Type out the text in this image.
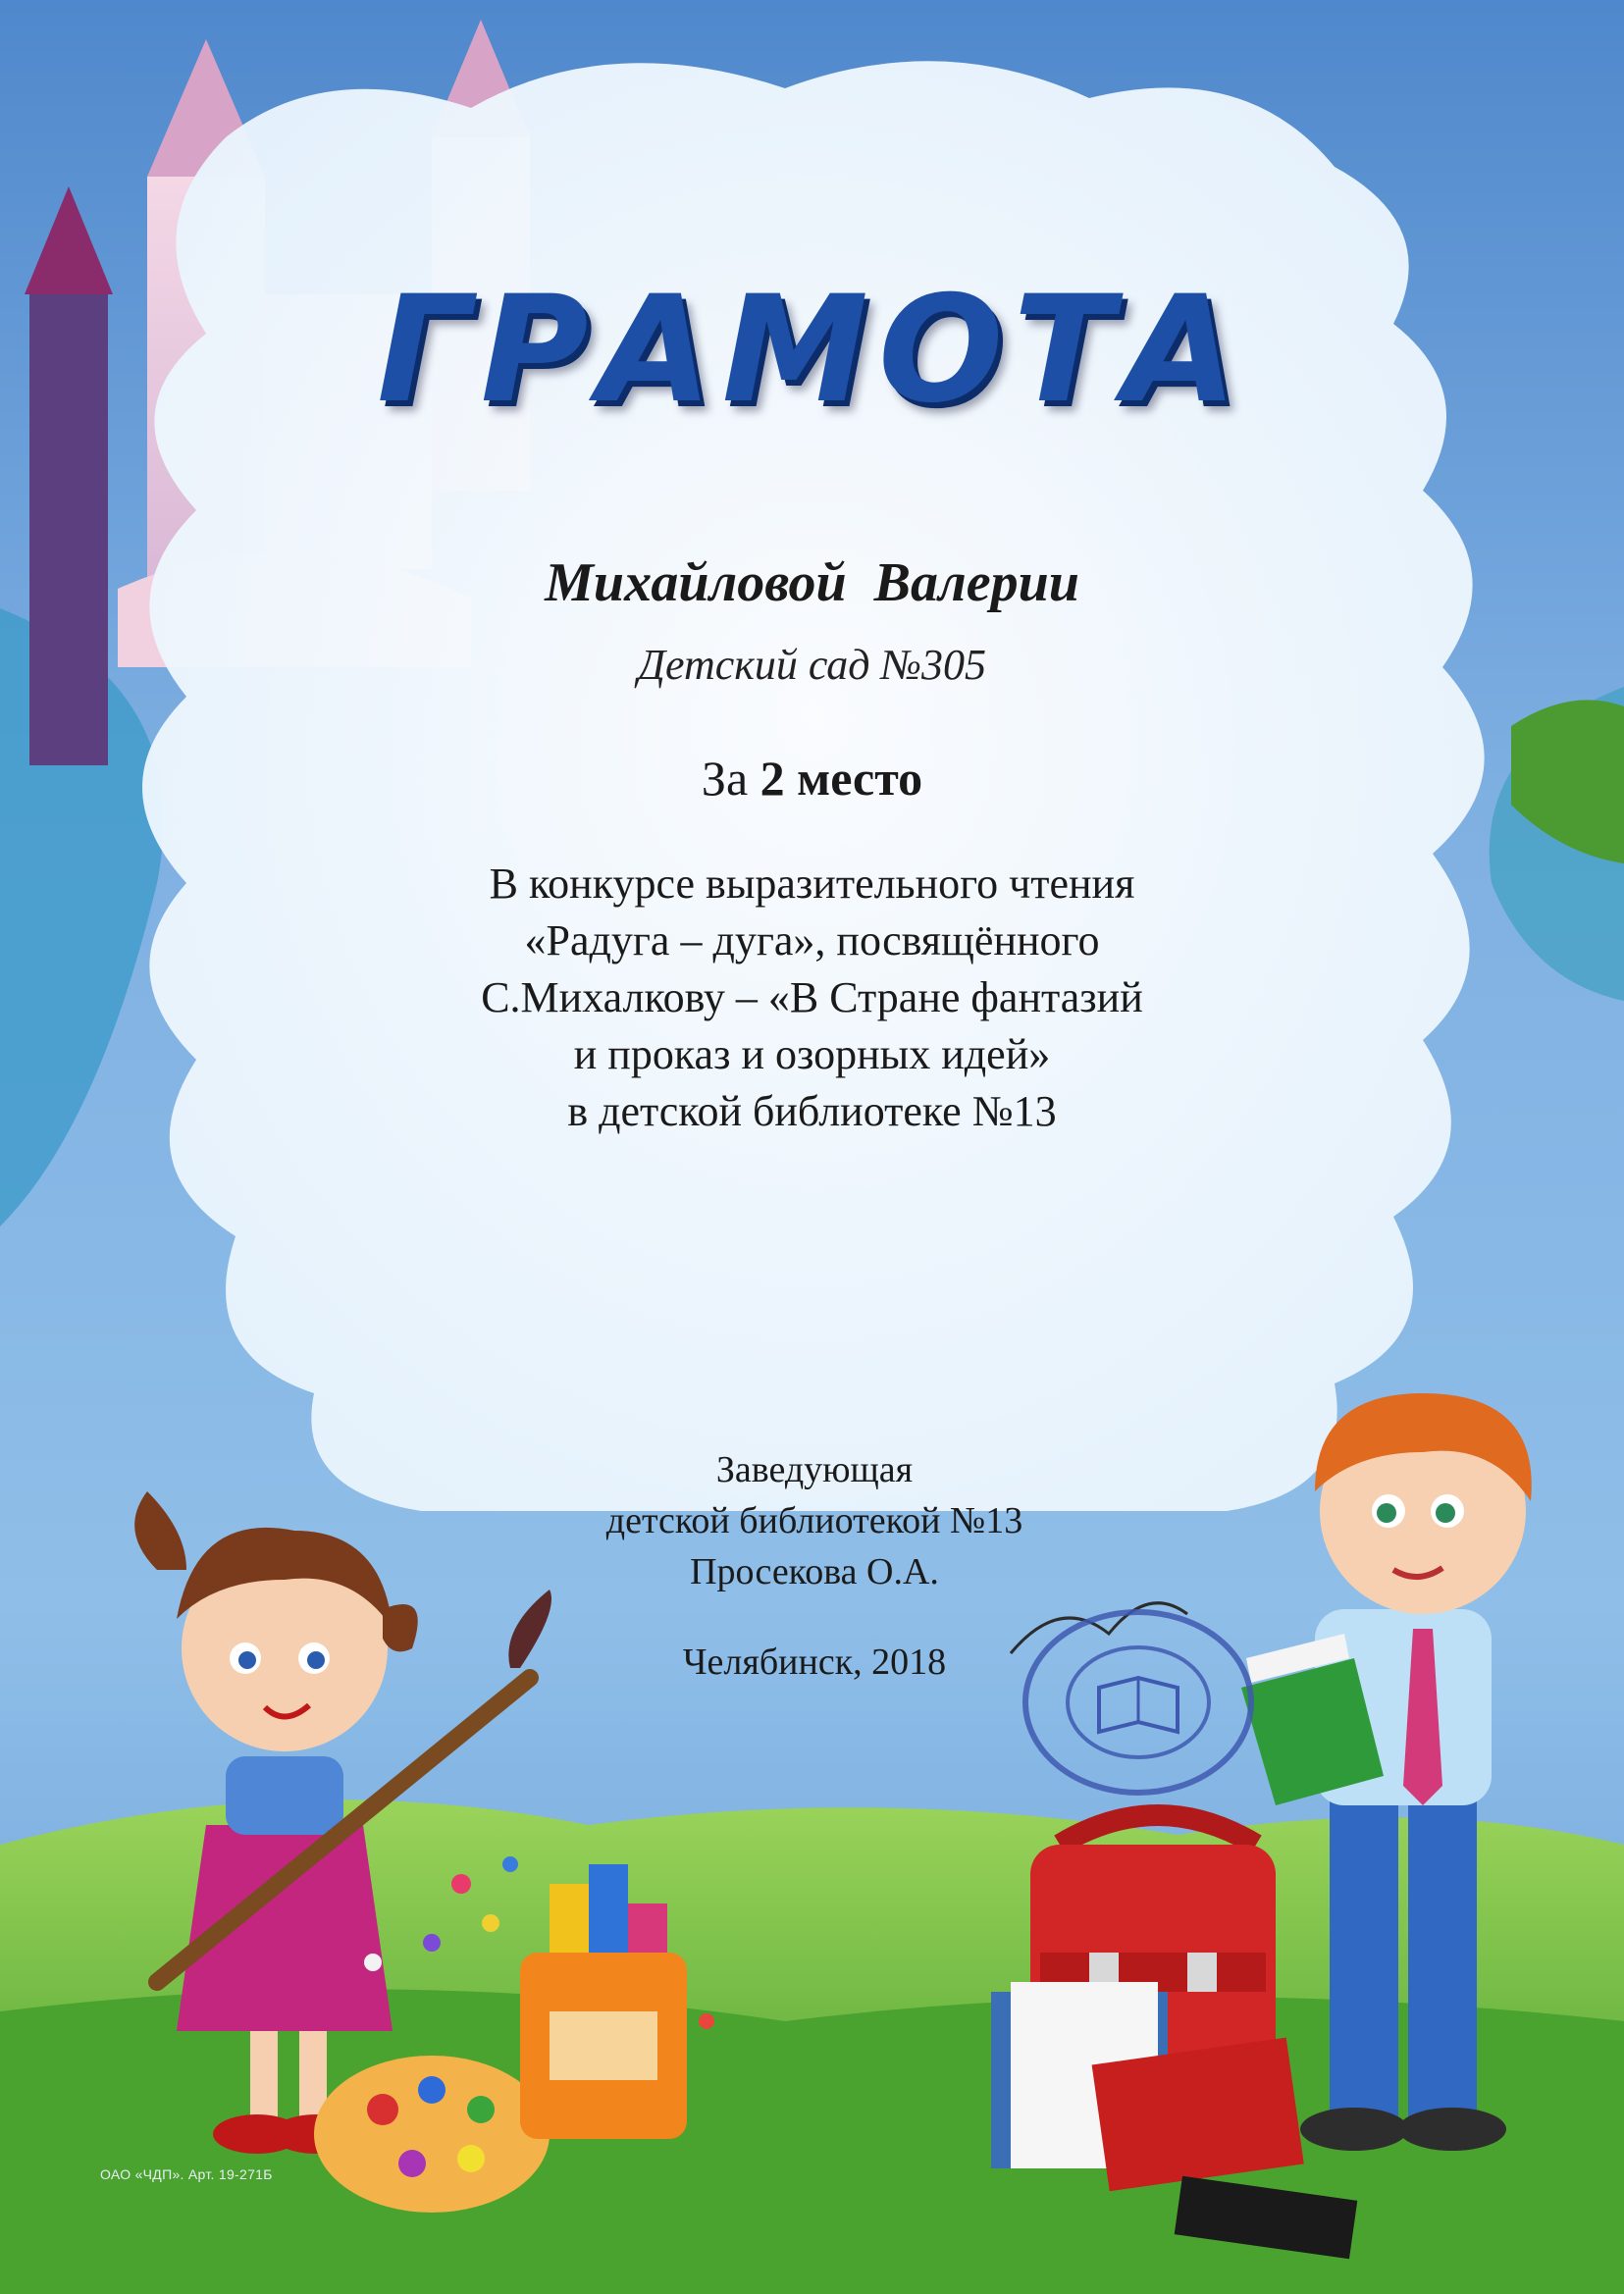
ГРАМОТА
Михайловой Валерии
Детский сад №305
За 2 место
В конкурсе выразительного чтения
«Радуга – дуга», посвящённого
С.Михалкову – «В Стране фантазий
и проказ и озорных идей»
в детской библиотеке №13
Заведующая
детской библиотекой №13
Просекова О.А.
Челябинск, 2018
ОАО «ЧДП». Арт. 19-271Б
